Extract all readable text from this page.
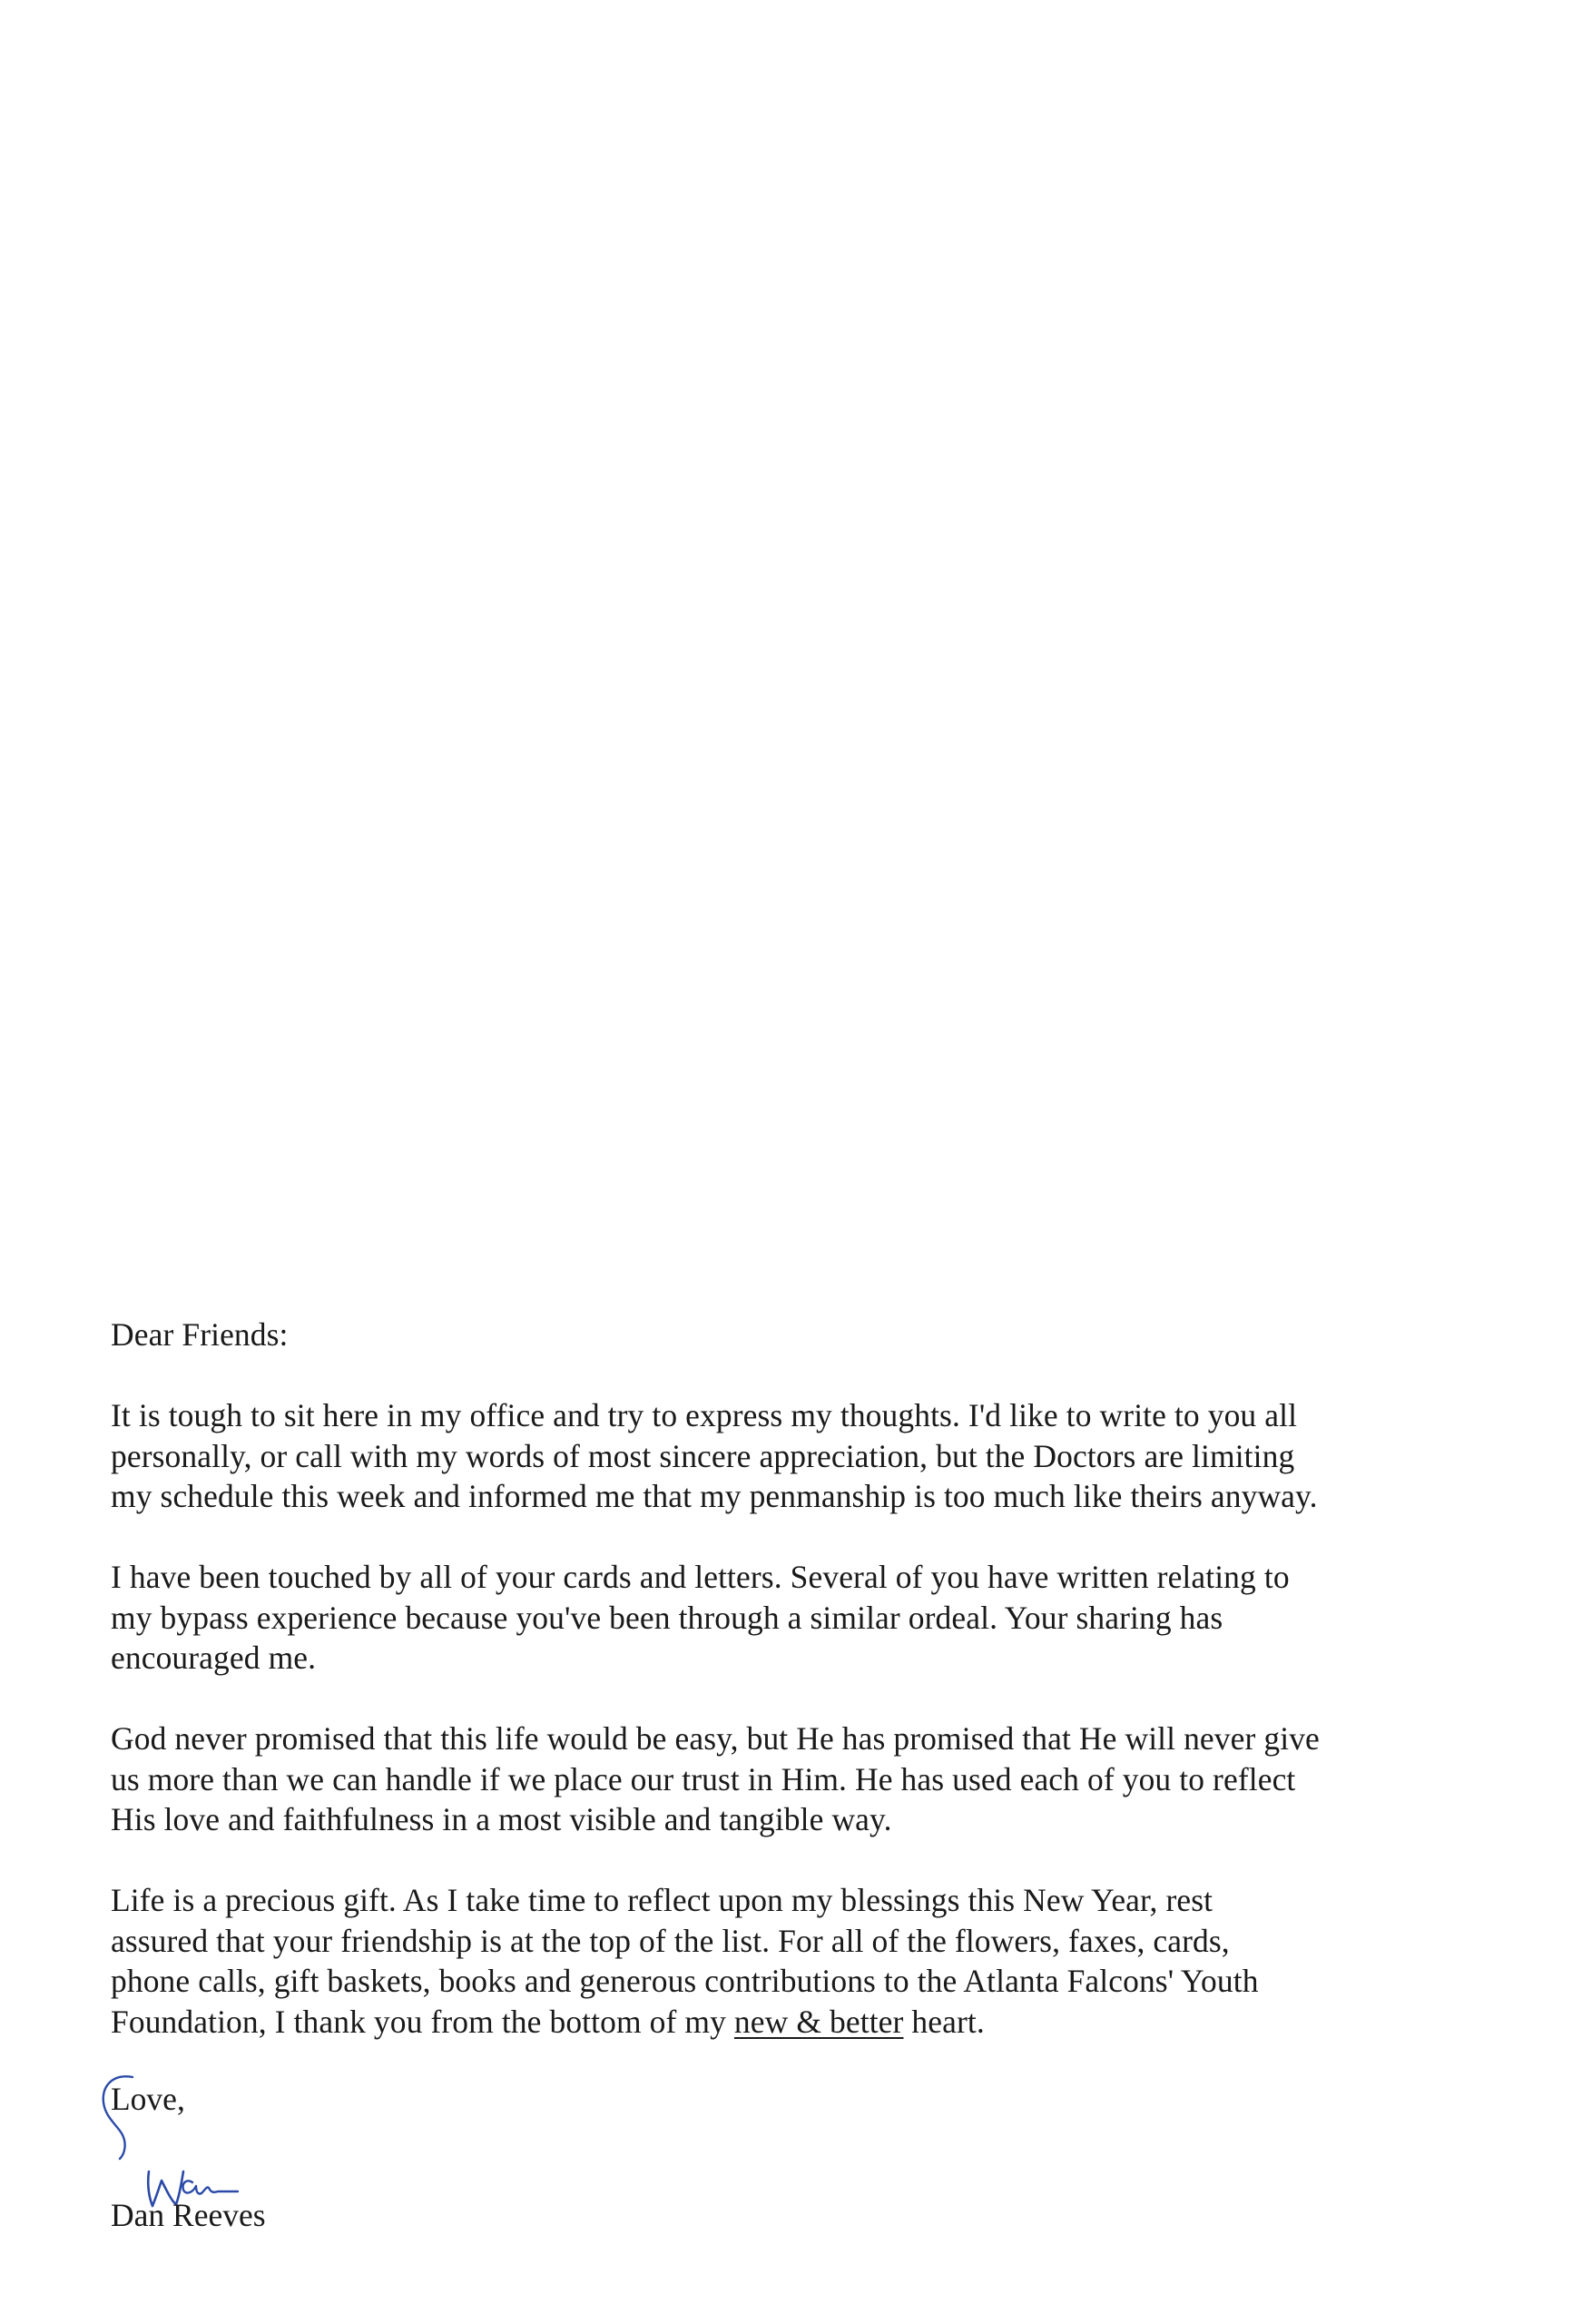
Dear Friends:

It is tough to sit here in my office and try to express my thoughts. I'd like to write to you all
personally, or call with my words of most sincere appreciation, but the Doctors are limiting
my schedule this week and informed me that my penmanship is too much like theirs anyway.

I have been touched by all of your cards and letters. Several of you have written relating to
my bypass experience because you've been through a similar ordeal. Your sharing has
encouraged me.

God never promised that this life would be easy, but He has promised that He will never give
us more than we can handle if we place our trust in Him. He has used each of you to reflect
His love and faithfulness in a most visible and tangible way.

Life is a precious gift. As I take time to reflect upon my blessings this New Year, rest
assured that your friendship is at the top of the list. For all of the flowers, faxes, cards,
phone calls, gift baskets, books and generous contributions to the Atlanta Falcons' Youth
Foundation, I thank you from the bottom of my new & better heart.

Love,
Dan Reeves
